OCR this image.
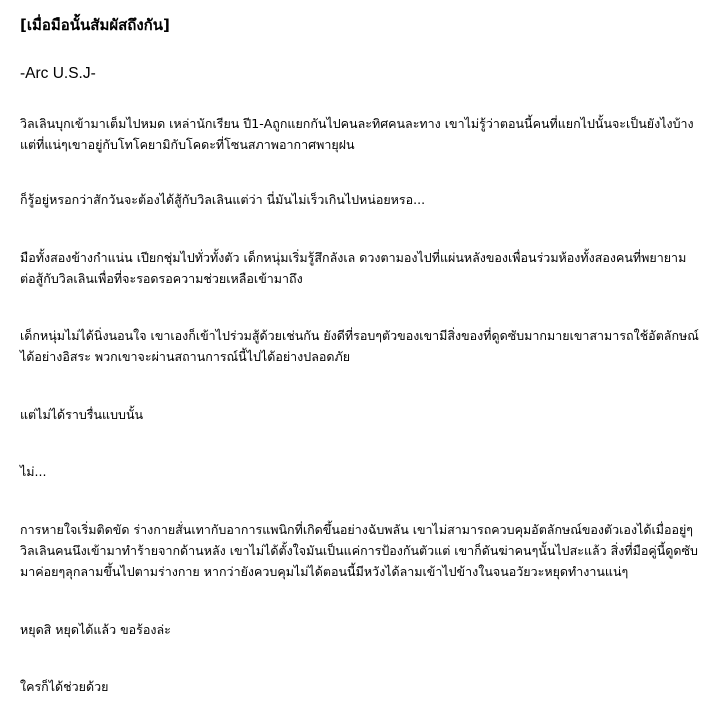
[เมื่อมือนั้นสัมผัสถึงกัน]

-Arc U.S.J-

วิลเลินบุกเข้ามาเต็มไปหมด เหล่านักเรียน ปี1-Aถูกแยกกันไปคนละทิศคนละทาง เขาไม่รู้ว่าตอนนี้คนที่แยกไปนั้นจะเป็นยังไงบ้าง แต่ที่แน่ๆเขาอยู่กับโทโคยามิกับโคดะที่โซนสภาพอากาศพายุฝน

ก็รู้อยู่หรอกว่าสักวันจะต้องได้สู้กับวิลเลินแต่ว่า นี่มันไม่เร็วเกินไปหน่อยหรอ...

มือทั้งสองข้างกำแน่น เปียกชุ่มไปทั่วทั้งตัว เด็กหนุ่มเริ่มรู้สึกลังเล ดวงตามองไปที่แผ่นหลังของเพื่อนร่วมห้องทั้งสองคนที่พยายามต่อสู้กับวิลเลินเพื่อที่จะรอดรอความช่วยเหลือเข้ามาถึง

เด็กหนุ่มไม่ได้นิ่งนอนใจ เขาเองก็เข้าไปร่วมสู้ด้วยเช่นกัน ยังดีที่รอบๆตัวของเขามีสิ่งของที่ดูดซับมากมายเขาสามารถใช้อัตลักษณ์ได้อย่างอิสระ พวกเขาจะผ่านสถานการณ์นี้ไปได้อย่างปลอดภัย

แต่ไม่ได้ราบรื่นแบบนั้น

ไม่...

การหายใจเริ่มติดขัด ร่างกายสั่นเทากับอาการแพนิกที่เกิดขึ้นอย่างฉับพลัน เขาไม่สามารถควบคุมอัตลักษณ์ของตัวเองได้เมื่ออยู่ๆวิลเลินคนนึงเข้ามาทำร้ายจากด้านหลัง เขาไม่ได้ตั้งใจมันเป็นแค่การป้องกันตัวแต่ เขาก็ดันฆ่าคนๆนั้นไปสะแล้ว สิ่งที่มือคู่นี้ดูดซับมาค่อยๆลุกลามขึ้นไปตามร่างกาย หากว่ายังควบคุมไม่ได้ตอนนี้มีหวังได้ลามเข้าไปข้างในจนอวัยวะหยุดทำงานแน่ๆ

หยุดสิ หยุดได้แล้ว ขอร้องล่ะ

ใครก็ได้ช่วยด้วย
